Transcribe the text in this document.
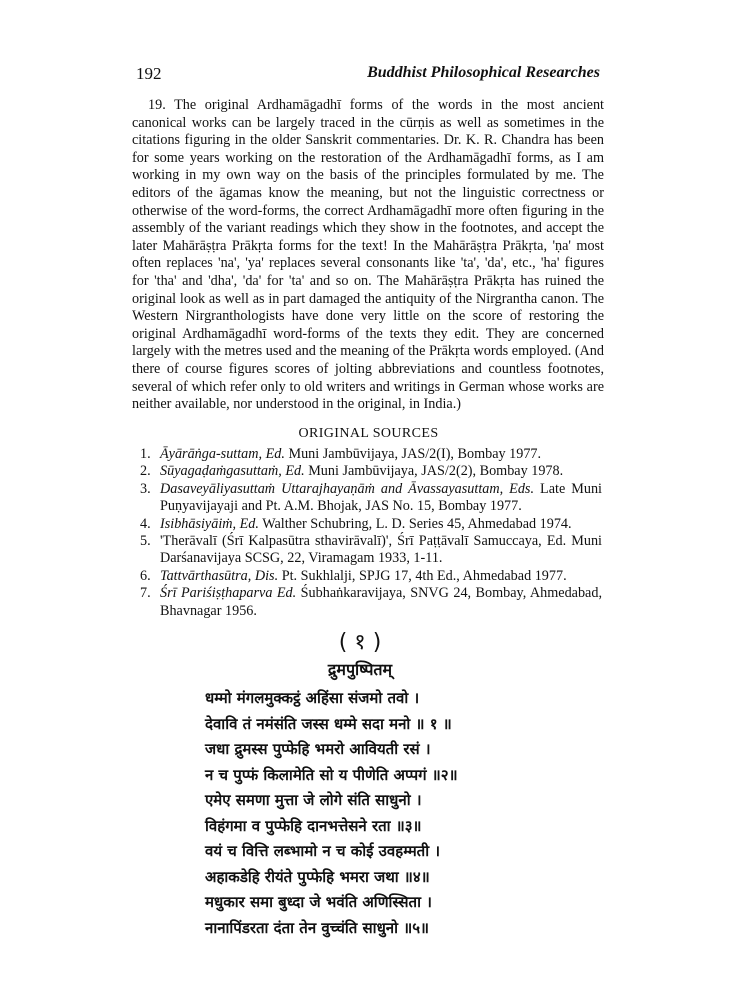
192	Buddhist Philosophical Researches

19. The original Ardhamāgadhī forms of the words in the most ancient canonical works can be largely traced in the cūrṇis as well as sometimes in the citations figuring in the older Sanskrit commentaries. Dr. K. R. Chandra has been for some years working on the restoration of the Ardhamāgadhī forms, as I am working in my own way on the basis of the principles formulated by me. The editors of the āgamas know the meaning, but not the linguistic correctness or otherwise of the word-forms, the correct Ardhamāgadhī more often figuring in the assembly of the variant readings which they show in the footnotes, and accept the later Mahārāṣṭra Prākṛta forms for the text! In the Mahārāṣṭra Prākṛta, 'ṇa' most often replaces 'na', 'ya' replaces several consonants like 'ta', 'da', etc., 'ha' figures for 'tha' and 'dha', 'da' for 'ta' and so on. The Mahārāṣṭra Prākṛta has ruined the original look as well as in part damaged the antiquity of the Nirgrantha canon. The Western Nirgranthologists have done very little on the score of restoring the original Ardhamāgadhī word-forms of the texts they edit. They are concerned largely with the metres used and the meaning of the Prākṛta words employed. (And there of course figures scores of jolting abbreviations and countless footnotes, several of which refer only to old writers and writings in German whose works are neither available, nor understood in the original, in India.)

ORIGINAL SOURCES
1. Āyārāṅga-suttam, Ed. Muni Jambūvijaya, JAS/2(I), Bombay 1977.
2. Sūyagaḍaṁgasuttaṁ, Ed. Muni Jambūvijaya, JAS/2(2), Bombay 1978.
3. Dasaveyāliyasuttaṁ Uttarajhayaṇāṁ and Āvassayasuttam, Eds. Late Muni Puṇyavijayaji and Pt. A.M. Bhojak, JAS No. 15, Bombay 1977.
4. Isibhāsiyāiṁ, Ed. Walther Schubring, L. D. Series 45, Ahmedabad 1974.
5. 'Therāvalī (Śrī Kalpasūtra sthavirāvalī)', Śrī Paṭṭāvalī Samuccaya, Ed. Muni Darśanavijaya SCSG, 22, Viramagam 1933, 1-11.
6. Tattvārthasūtra, Dis. Pt. Sukhlalji, SPJG 17, 4th Ed., Ahmedabad 1977.
7. Śrī Pariśiṣṭhaparva Ed. Śubhaṅkaravijaya, SNVG 24, Bombay, Ahmedabad, Bhavnagar 1956.
( १ )
द्रुमपुष्पितम्
धम्मो मंगलमुक्कट्ठं अहिंसा संजमो तवो ।
देवावि तं नमंसंति जस्स धम्मे सदा मनो ॥ १ ॥
जधा द्रुमस्स पुप्फेहि भमरो आवियती रसं ।
न च पुप्फं किलामेति सो य पीणेति अप्पगं ॥२॥
एमेए समणा मुत्ता जे लोगे संति साधुनो ।
विहंगमा व पुप्फेहि दानभत्तेसने रता ॥३॥
वयं च वित्ति लब्भामो न च कोई उवहम्मती ।
अहाकडेहि रीयंते पुप्फेहि भमरा जथा ॥४॥
मधुकार समा बुध्दा जे भवंति अणिस्सिता ।
नानापिंडरता दंता तेन वुच्चंति साधुनो ॥५॥
